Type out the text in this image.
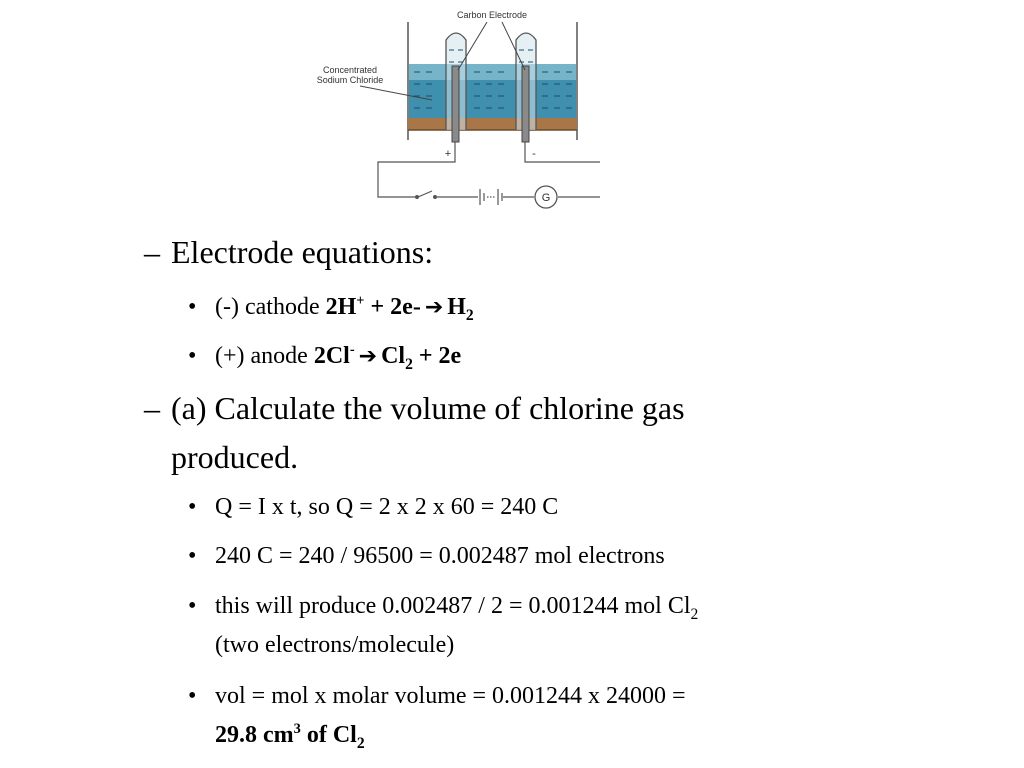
Carbon Electrode
Concentrated
Sodium Chloride
+	-
G
– Electrode equations:
• (-) cathode 2H+ + 2e- ➔ $H_2$
• (+) anode 2Cl- ➔ $Cl_2 + 2e$
– (a) Calculate the volume of chlorine gas
produced.
• Q = I x t, so Q = 2 x 2 x 60 = 240 C
• 240 C = 240 / 96500 = 0.002487 mol electrons
• this will produce 0.002487 / 2 = 0.001244 mol $Cl_2$
(two electrons/molecule)
• vol = mol x molar volume = 0.001244 x 24000 =
29.8 $cm^3$ of $Cl_2$
